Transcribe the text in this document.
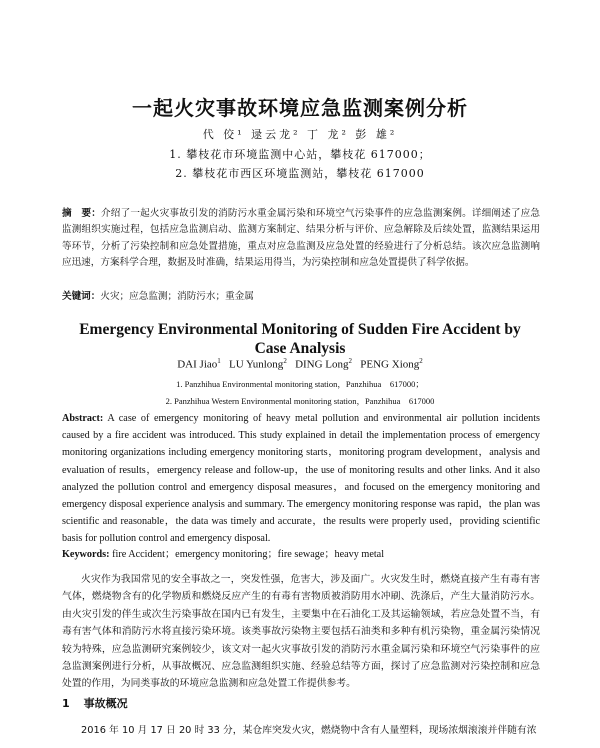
一起火灾事故环境应急监测案例分析
代 佼¹ 逯云龙² 丁 龙² 彭 雄²
1. 攀枝花市环境监测中心站，攀枝花 617000；
2. 攀枝花市西区环境监测站，攀枝花 617000
摘　要：介绍了一起火灾事故引发的消防污水重金属污染和环境空气污染事件的应急监测案例。详细阐述了应急监测组织实施过程，包括应急监测启动、监测方案制定、结果分析与评价、应急解除及后续处置，监测结果运用等环节，分析了污染控制和应急处置措施，重点对应急监测及应急处置的经验进行了分析总结。该次应急监测响应迅速，方案科学合理，数据及时准确，结果运用得当，为污染控制和应急处置提供了科学依据。
关键词：火灾；应急监测；消防污水；重金属
Emergency Environmental Monitoring of Sudden Fire Accident by Case Analysis
DAI Jiao$^1$ LU Yunlong$^2$ DING Long$^2$ PENG Xiong$^2$
1. Panzhihua Environmental monitoring station，Panzhihua　617000；
2. Panzhihua Western Environmental monitoring station，Panzhihua　617000
Abstract: A case of emergency monitoring of heavy metal pollution and environmental air pollution incidents caused by a fire accident was introduced. This study explained in detail the implementation process of emergency monitoring organizations including emergency monitoring starts，monitoring program development，analysis and evaluation of results，emergency release and follow-up，the use of monitoring results and other links. And it also analyzed the pollution control and emergency disposal measures，and focused on the emergency monitoring and emergency disposal experience analysis and summary. The emergency monitoring response was rapid，the plan was scientific and reasonable，the data was timely and accurate，the results were properly used，providing scientific basis for pollution control and emergency disposal.
Keywords: fire Accident；emergency monitoring；fire sewage；heavy metal
火灾作为我国常见的安全事故之一，突发性强，危害大，涉及面广。火灾发生时，燃烧直接产生有毒有害气体，燃烧物含有的化学物质和燃烧反应产生的有毒有害物质被消防用水冲刷、洗涤后，产生大量消防污水。由火灾引发的伴生或次生污染事故在国内已有发生，主要集中在石油化工及其运输领域，若应急处置不当，有毒有害气体和消防污水将直接污染环境。该类事故污染物主要包括石油类和多种有机污染物，重金属污染情况较为特殊，应急监测研究案例较少，该文对一起火灾事故引发的消防污水重金属污染和环境空气污染事件的应急监测案例进行分析，从事故概况、应急监测组织实施、经验总结等方面，探讨了应急监测对污染控制和应急处置的作用，为同类事故的环境应急监测和应急处置工作提供参考。
1 事故概况
2016 年 10 月 17 日 20 时 33 分，某仓库突发火灾，燃烧物中含有人量塑料，现场浓烟滚滚并伴随有浓
